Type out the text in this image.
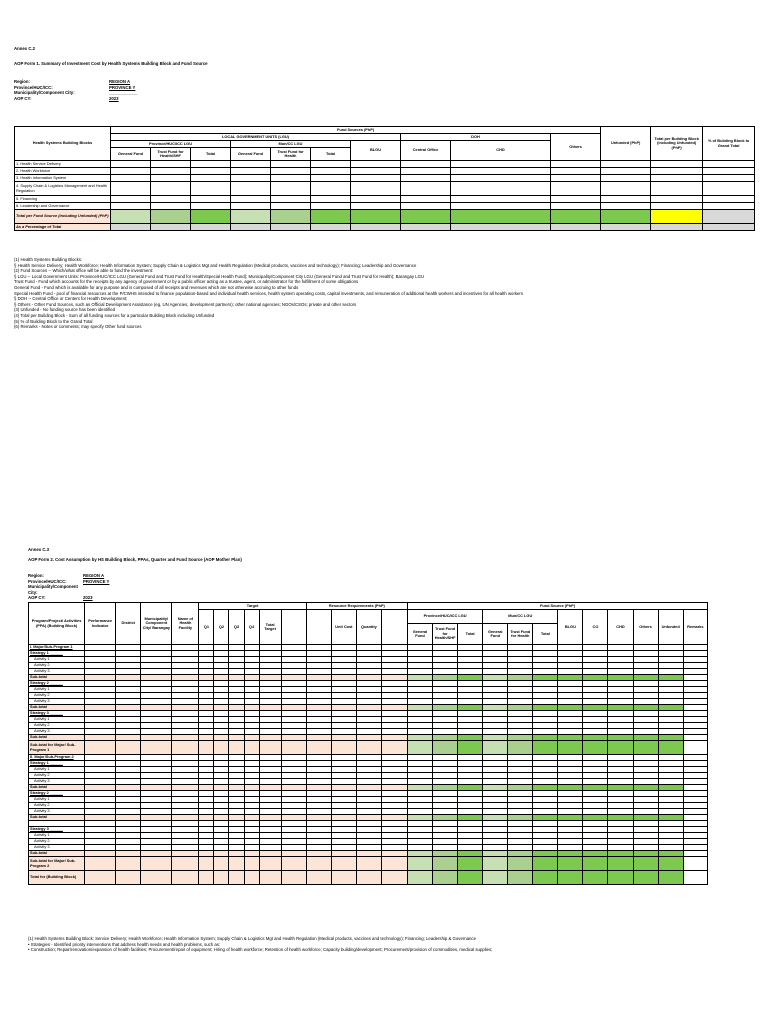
Annex C.2
AOP Form 1. Summary of Investment Cost by Health Systems Building Block and Fund Source
Region:	REGION A
Province/HUC/ICC:	PROVINCE Y
Municipality/Component City:	____________
AOP CY:	2023
Health Systems Building Blocks	Fund Sources (PhP)										Unfunded (PhP)	Total per Building Block (including Unfunded) (PhP)	% of Building Block to Grand Total	
	LOCAL GOVERNMENT UNITS (LGU)							DOH		Others				
	Province/HUC/ICC LGU			Mun/CC LGU			BLGU	Central Office	CHD					
	General Fund	Trust Fund for Health/SHF	Total	General Fund	Trust Fund for Health	Total								
1. Health Service Delivery														
2. Health Workforce														
3. Health Information System														
4. Supply Chain & Logistics Management and Health Regulation														
5. Financing														
6. Leadership and Governance														
Total per Fund Source (including Unfunded) (PhP)														
As a Percentage of Total														
(1) Health Systems Building Blocks:
§ Health Service Delivery; Health Workforce; Health Information System; Supply Chain & Logistics Mgt and Health Regulation (Medical products, vaccines and technology); Financing; Leadership and Governance
(2) Fund Sources -- Which/what office will be able to fund the investment:
§ LGU -- Local Government Units: Province/HUC/ICC LGU (General Fund and Trust Fund for Health/Special Health Fund); Municipality/Component City LGU (General Fund and Trust Fund for Health); Barangay LGU
Trust Fund - Fund which accounts for the receipts by any agency of government or by a public officer acting as a trustee, agent, or administrator for the fulfillment of some obligations
General Fund - Fund which is available for any purpose and is composed of all receipts and revenues which are not otherwise accruing to other funds
Special Health Fund - pool of financial resources at the P/CWHS intended to finance population-based and individual health services, health system operating costs, capital investments, and remuneration of additional health workers and incentives for all health workers
§ DOH -- Central Office or Centers for Health Development;
§ Others - Other Fund Sources, such as Official Development Assistance (eg, UN Agencies, development partners); other national agencies; NGOs/CSOs; private and other sectors
(3) Unfunded - No funding source has been identified
(4) Total per Building Block - Sum of all funding sources for a particular Building Block including Unfunded
(5) % of Building Block to the Grand Total
(6) Remarks - Notes or comments; may specify Other fund sources
Annex C.3
AOP Form 2. Cost Assumption by HS Building Block, PPAs, Quarter and Fund Source (AOP Mother Plan)
Region:	REGION A
Province/HUC/ICC:	PROVINCE Y
Municipality/Component City:
AOP CY:	2023
Program/Project/ Activities (PPA) (Building Block)	Performance Indicator	District	Municipality/ Component City/ Barangay	Name of Health Facility	Target						Resource Requirements (PhP)				Fund Source (PhP)											
					Q1	Q2	Q3	Q4	Total Target			Unit Cost	Quantity		Province/HUC/ICC LGU			Mun/CC LGU			BLGU	CO	CHD	Others	Unfunded	Remarks
															General Fund	Trust Fund for Health/SHF	Total	General Fund	Trust Fund for Health	Total						
I. Major/Sub-Program 1																										
Strategy 1 ______																										
Activity 1																										
Activity 2																										
Activity 3																										
Sub-total																										
Strategy 2 ______																										
Activity 1																										
Activity 2																										
Activity 3																										
Sub-total																										
Strategy 3 ______																										
Activity 1																										
Activity 2																										
Activity 3																										
Sub-total																										
Sub-total for Major/ Sub-Program 1																										
II. Major/Sub-Program 2																										
Strategy 1 ______																										
Activity 1																										
Activity 2																										
Activity 3																										
Sub-total																										
Strategy 2 ______																										
Activity 1																										
Activity 2																										
Activity 3																										
Sub-total																										

Strategy 3 ______																										
Activity 1																										
Activity 2																										
Activity 3																										
Sub-total																										
Sub-total for Major/ Sub-Program 2																										
Total for (Building Block)																										
(1) Health Systems Building Block: Service Delivery; Health Workforce; Health Information System; Supply Chain & Logistics Mgt and Health Regulation (Medical products, vaccines and technology); Financing; Leadership & Governance
• Strategies - Identified priority interventions that address health needs and health problems, such as:
• Construction; Repair/renovation/expansion of health facilities; Procurement/repair of equipment; Hiring of health workforce; Retention of health workforce; Capacity building/development; Procurement/provision of commodities, medical supplies;
